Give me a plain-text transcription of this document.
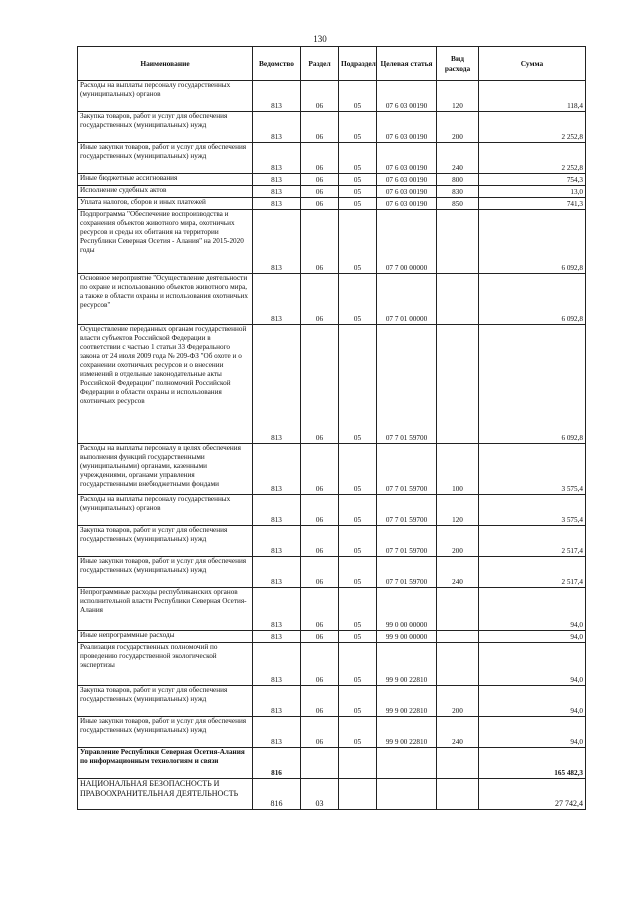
130
Наименование	Ведомство	Раздел	Подраздел	Целевая статья	Вид расхода	Сумма
Расходы на выплаты персоналу государственных (муниципальных) органов	813	06	05	07 6 03 00190	120	118,4
Закупка товаров, работ и услуг для обеспечения государственных (муниципальных) нужд	813	06	05	07 6 03 00190	200	2 252,8
Иные закупки товаров, работ и услуг для обеспечения государственных (муниципальных) нужд	813	06	05	07 6 03 00190	240	2 252,8
Иные бюджетные ассигнования	813	06	05	07 6 03 00190	800	754,3
Исполнение судебных актов	813	06	05	07 6 03 00190	830	13,0
Уплата налогов, сборов и иных платежей	813	06	05	07 6 03 00190	850	741,3
Подпрограмма "Обеспечение воспроизводства и сохранения объектов животного мира, охотничьих ресурсов и среды их обитания на территории Республики Северная Осетия - Алания" на 2015-2020 годы	813	06	05	07 7 00 00000		6 092,8
Основное мероприятие "Осуществление деятельности по охране и использованию объектов животного мира, а также в области охраны и использования охотничьих ресурсов"	813	06	05	07 7 01 00000		6 092,8
Осуществление переданных органам государственной власти субъектов Российской Федерации в соответствии с частью 1 статьи 33 Федерального закона от 24 июля 2009 года № 209-ФЗ "Об охоте и о сохранении охотничьих ресурсов и о внесении изменений в отдельные законодательные акты Российской Федерации" полномочий Российской Федерации в области охраны и использования охотничьих ресурсов	813	06	05	07 7 01 59700		6 092,8
Расходы на выплаты персоналу в целях обеспечения выполнения функций государственными (муниципальными) органами, казенными учреждениями, органами управления государственными внебюджетными фондами	813	06	05	07 7 01 59700	100	3 575,4
Расходы на выплаты персоналу государственных (муниципальных) органов	813	06	05	07 7 01 59700	120	3 575,4
Закупка товаров, работ и услуг для обеспечения государственных (муниципальных) нужд	813	06	05	07 7 01 59700	200	2 517,4
Иные закупки товаров, работ и услуг для обеспечения государственных (муниципальных) нужд	813	06	05	07 7 01 59700	240	2 517,4
Непрограммные расходы республиканских органов исполнительной власти Республики Северная Осетия-Алания	813	06	05	99 0 00 00000		94,0
Иные непрограммные расходы	813	06	05	99 9 00 00000		94,0
Реализация государственных полномочий по проведению государственной экологической экспертизы	813	06	05	99 9 00 22810		94,0
Закупка товаров, работ и услуг для обеспечения государственных (муниципальных) нужд	813	06	05	99 9 00 22810	200	94,0
Иные закупки товаров, работ и услуг для обеспечения государственных (муниципальных) нужд	813	06	05	99 9 00 22810	240	94,0
Управление Республики Северная Осетия-Алания по информационным технологиям и связи	816					165 482,3
НАЦИОНАЛЬНАЯ БЕЗОПАСНОСТЬ И ПРАВООХРАНИТЕЛЬНАЯ ДЕЯТЕЛЬНОСТЬ	816	03				27 742,4
